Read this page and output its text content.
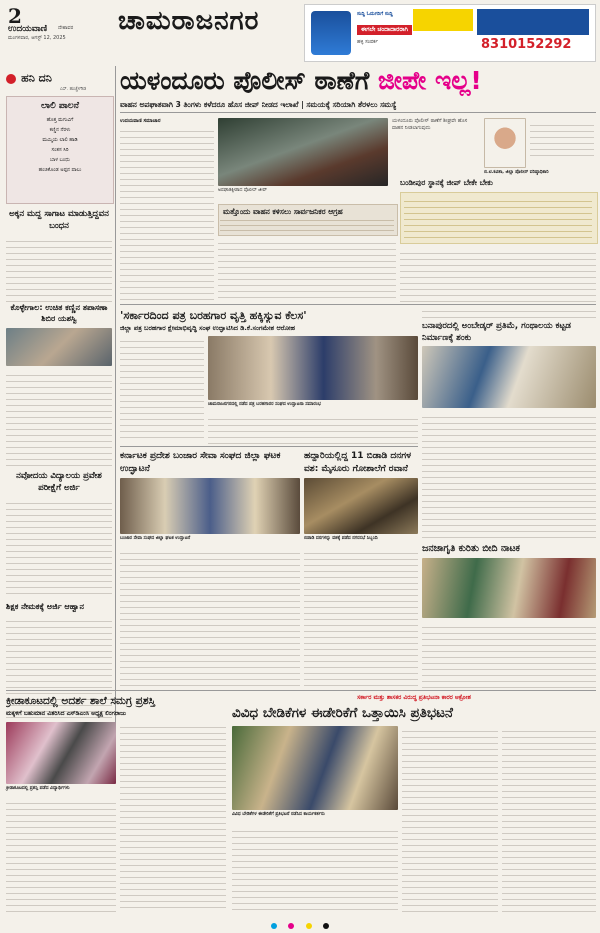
2
ಉದಯವಾಣಿ ದೇಶಾವರ
ಮಂಗಳವಾರ, ಆಗಸ್ಟ್ 12, 2025
ಚಾಮರಾಜನಗರ	ಸುದ್ದಿ ಓದುಗರಿಗೆ ಸುದ್ದಿ
ಈಗಲೇ ಚಂದಾದಾರರಾಗಿ
ಹಳ್ಳಿ ಸಂಪರ್ಕ	8310152292
ಹನಿ ದನಿ
ಎಸ್. ಹುಚ್ಚೇಗೌಡ
ಲಾಲಿ ಪಾಲನೆ
ಹೊತ್ತ ಮಗುವಿಗೆ
ಕಣ್ಣಿನ ನೆರಳು
ಮಮ್ಮಿಯ ಲಾಲಿ ಹಾಡಿ
ಸಂತಸ ಸಿರಿ
ಬಾಳ ಬಂಧು
ಹಂಚಿಕೊಂಡ ಅಪ್ಪನ ಪಾಲು
ಅಕ್ಕನ ಮದ್ದ ಸಾಗಾಟ ಮಾಡುತ್ತಿದ್ದವನ ಬಂಧನ
ಕೊಳ್ಳೇಗಾಲ: ಉಚಿತ ಕಣ್ಣಿನ ತಪಾಸಣಾ ಶಿಬಿರ ಯಶಸ್ವಿ
ನವೋದಯ ವಿದ್ಯಾಲಯ ಪ್ರವೇಶ ಪರೀಕ್ಷೆಗೆ ಅರ್ಜಿ
ಶಿಕ್ಷಕ ನೇಮಕಕ್ಕೆ ಅರ್ಜಿ ಆಹ್ವಾನ
ಯಳಂದೂರು ಪೊಲೀಸ್ ಠಾಣೆಗೆ ಜೀಪೇ ಇಲ್ಲ!
ವಾಹನ ಅಪಘಾತವಾಗಿ 3 ತಿಂಗಳು ಕಳೆದರೂ ಹೊಸ ಜೀಪ್ ನೀಡದ ಇಲಾಖೆ | ಸಮಯಕ್ಕೆ ಸರಿಯಾಗಿ ತೆರಳಲು ಸಮಸ್ಯೆ
ಉದಯವಾಣಿ ಸಮಾಚಾರ
ಅಪಘಾತಕ್ಕೀಡಾದ ಪೊಲೀಸ್ ಜೀಪ್
ಯಳಂದೂರು ಪೊಲೀಸ್ ಠಾಣೆಗೆ ಶೀಘ್ರವೇ ಹೊಸ ವಾಹನ ನೀಡಲಾಗುವುದು
ಬಿ.ಟಿ.ಕವಿತಾ, ಜಿಲ್ಲಾ ಪೊಲೀಸ್ ವರಿಷ್ಠಾಧಿಕಾರಿ
ಮತ್ತೊಂದು ವಾಹನ ಕಳಿಸಲು ಸಾರ್ವಜನಿಕರ ಆಗ್ರಹ
ಬಂಡೀಪುರ ಸ್ಥಾನಕ್ಕೆ ಜೀಪ್ ಬೇಕೇ ಬೇಕು
'ಸರ್ಕಾರದಿಂದ ಪತ್ರ ಬರಹಗಾರ ವೃತ್ತಿ ಹಕ್ಕಿಸ್ಯುವ ಕೆಲಸ'
ಜಿಲ್ಲಾ ಪತ್ರ ಬರಹಗಾರ ಕ್ಷೇಮಾಭಿವೃದ್ಧಿ ಸಂಘ ಉದ್ಘಾಟಿಸಿದ ಡಿ.ಕೆ.ಸಂಗಮೇಶ ಆರೋಹ
ಚಾಮರಾಜನಗರದಲ್ಲಿ ನಡೆದ ಪತ್ರ ಬರಹಗಾರರ ಸಂಘದ ಉದ್ಘಾಟನಾ ಸಮಾರಂಭ
ಬನಾಪುರದಲ್ಲಿ ಅಂಬೇಡ್ಕರ್ ಪ್ರತಿಮೆ, ಗಂಥಾಲಯ ಕಟ್ಟಡ ನಿರ್ಮಾಣಕ್ಕೆ ಶಂಕು
ಕರ್ನಾಟಕ ಪ್ರದೇಶ ಬಂಜಾರ ಸೇವಾ ಸಂಘದ ಜಿಲ್ಲಾ ಘಟಕ ಉದ್ಘಾಟನೆ
ಬಂಜಾರ ಸೇವಾ ಸಂಘದ ಜಿಲ್ಲಾ ಘಟಕ ಉದ್ಘಾಟನೆ
ಹದ್ದಾರಿಯಲ್ಲಿದ್ದ 11 ಬಿಡಾಡಿ ದನಗಳ ವಶ: ಮೈಸೂರು ಗೋಶಾಲೆಗೆ ರವಾನೆ
ಬಿಡಾಡಿ ದನಗಳನ್ನು ವಶಕ್ಕೆ ಪಡೆದ ನಗರಸಭೆ ಸಿಬ್ಬಂದಿ
ಜನಜಾಗೃತಿ ಕುರಿತು ಬೀದಿ ನಾಟಕ
ಕ್ರೀಡಾಕೂಟದಲ್ಲಿ ಅದರ್ಶ ಶಾಲೆ ಸಮಗ್ರ ಪ್ರಶಸ್ತಿ
ಮಕ್ಕಳಿಗೆ ಬಹುಮಾನ ವಿತರಿಸಿದ ಎಸ್‌ಡಿಎಂಸಿ ಅಧ್ಯಕ್ಷ ಲಿಂಗರಾಜು
ಕ್ರೀಡಾಕೂಟದಲ್ಲಿ ಪ್ರಶಸ್ತಿ ಪಡೆದ ವಿದ್ಯಾರ್ಥಿಗಳು
ಸರ್ಕಾರ ಮತ್ತು ಶಾಸಕರ ವಿರುದ್ಧ ಪ್ರತಿಭಟನಾ ಕಾರರ ಆಕ್ರೋಶ
ವಿವಿಧ ಬೇಡಿಕೆಗಳ ಈಡೇರಿಕೆಗೆ ಒತ್ತಾಯಿಸಿ ಪ್ರತಿಭಟನೆ
ವಿವಿಧ ಬೇಡಿಕೆಗಳ ಈಡೇರಿಕೆಗೆ ಪ್ರತಿಭಟನೆ ನಡೆಸಿದ ಕಾರ್ಯಕರ್ತರು
